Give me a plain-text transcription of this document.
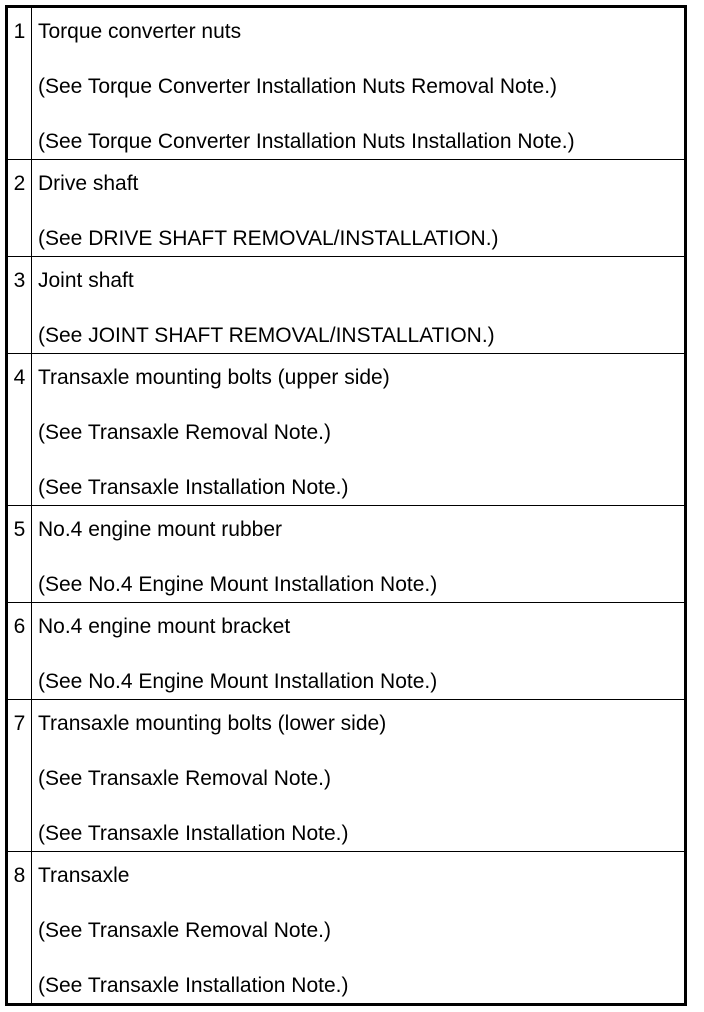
1	Torque converter nuts
(See Torque Converter Installation Nuts Removal Note.)
(See Torque Converter Installation Nuts Installation Note.)

2	Drive shaft
(See DRIVE SHAFT REMOVAL/INSTALLATION.)

3	Joint shaft
(See JOINT SHAFT REMOVAL/INSTALLATION.)

4	Transaxle mounting bolts (upper side)
(See Transaxle Removal Note.)
(See Transaxle Installation Note.)

5	No.4 engine mount rubber
(See No.4 Engine Mount Installation Note.)

6	No.4 engine mount bracket
(See No.4 Engine Mount Installation Note.)

7	Transaxle mounting bolts (lower side)
(See Transaxle Removal Note.)
(See Transaxle Installation Note.)

8	Transaxle
(See Transaxle Removal Note.)
(See Transaxle Installation Note.)
